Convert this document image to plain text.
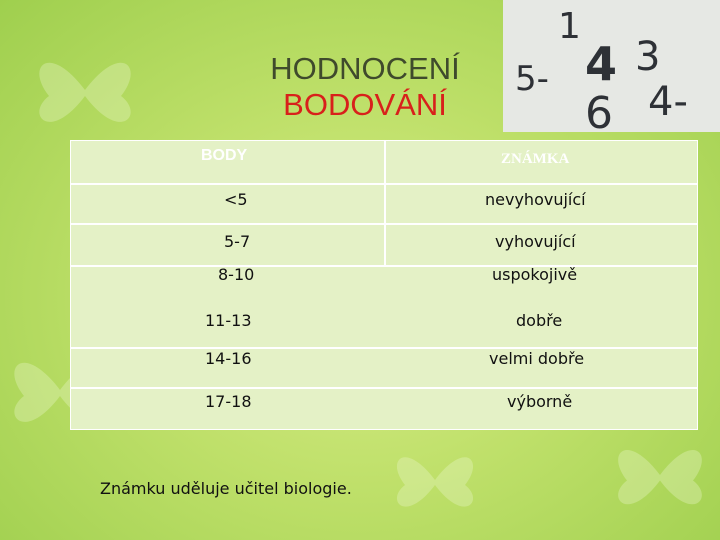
HODNOCENÍ
BODOVÁNÍ
1
5- 4 3
6 4-
BODY	ZNÁMKA
<5	nevyhovující
5-7	vyhovující
8-10	uspokojivě
11-13	dobře
14-16	velmi dobře
17-18	výborně
Známku uděluje učitel biologie.
